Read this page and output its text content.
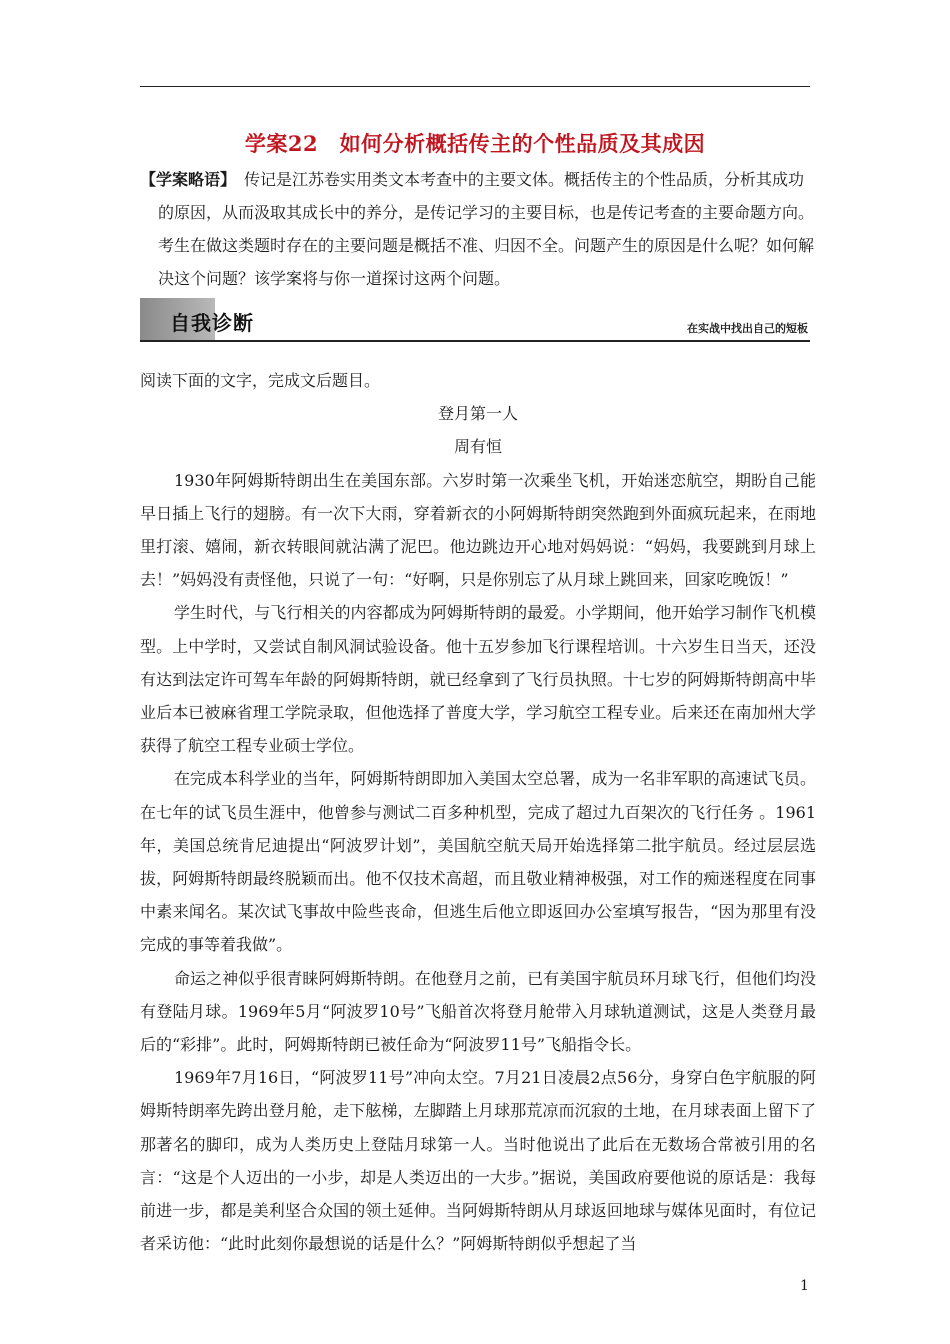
学案22　如何分析概括传主的个性品质及其成因

【学案略语】 传记是江苏卷实用类文本考查中的主要文体。概括传主的个性品质，分析其成功的原因，从而汲取其成长中的养分，是传记学习的主要目标，也是传记考查的主要命题方向。考生在做这类题时存在的主要问题是概括不准、归因不全。问题产生的原因是什么呢？如何解决这个问题？该学案将与你一道探讨这两个问题。

自我诊断	在实战中找出自己的短板

阅读下面的文字，完成文后题目。

登月第一人

周有恒

1930年阿姆斯特朗出生在美国东部。六岁时第一次乘坐飞机，开始迷恋航空，期盼自己能早日插上飞行的翅膀。有一次下大雨，穿着新衣的小阿姆斯特朗突然跑到外面疯玩起来，在雨地里打滚、嬉闹，新衣转眼间就沾满了泥巴。他边跳边开心地对妈妈说：“妈妈，我要跳到月球上去！”妈妈没有责怪他，只说了一句：“好啊，只是你别忘了从月球上跳回来，回家吃晚饭！”

学生时代，与飞行相关的内容都成为阿姆斯特朗的最爱。小学期间，他开始学习制作飞机模型。上中学时，又尝试自制风洞试验设备。他十五岁参加飞行课程培训。十六岁生日当天，还没有达到法定许可驾车年龄的阿姆斯特朗，就已经拿到了飞行员执照。十七岁的阿姆斯特朗高中毕业后本已被麻省理工学院录取，但他选择了普度大学，学习航空工程专业。后来还在南加州大学获得了航空工程专业硕士学位。

在完成本科学业的当年，阿姆斯特朗即加入美国太空总署，成为一名非军职的高速试飞员。在七年的试飞员生涯中，他曾参与测试二百多种机型，完成了超过九百架次的飞行任务 。1961年，美国总统肯尼迪提出“阿波罗计划”，美国航空航天局开始选择第二批宇航员。经过层层选拔，阿姆斯特朗最终脱颖而出。他不仅技术高超，而且敬业精神极强，对工作的痴迷程度在同事中素来闻名。某次试飞事故中险些丧命，但逃生后他立即返回办公室填写报告，“因为那里有没完成的事等着我做”。

命运之神似乎很青睐阿姆斯特朗。在他登月之前，已有美国宇航员环月球飞行，但他们均没有登陆月球。1969年5月“阿波罗10号”飞船首次将登月舱带入月球轨道测试，这是人类登月最后的“彩排”。此时，阿姆斯特朗已被任命为“阿波罗11号”飞船指令长。

1969年7月16日，“阿波罗11号”冲向太空。7月21日凌晨2点56分，身穿白色宇航服的阿姆斯特朗率先跨出登月舱，走下舷梯，左脚踏上月球那荒凉而沉寂的土地，在月球表面上留下了那著名的脚印，成为人类历史上登陆月球第一人。当时他说出了此后在无数场合常被引用的名言：“这是个人迈出的一小步，却是人类迈出的一大步。”据说，美国政府要他说的原话是：我每前进一步，都是美利坚合众国的领土延伸。当阿姆斯特朗从月球返回地球与媒体见面时，有位记者采访他：“此时此刻你最想说的话是什么？”阿姆斯特朗似乎想起了当

1
